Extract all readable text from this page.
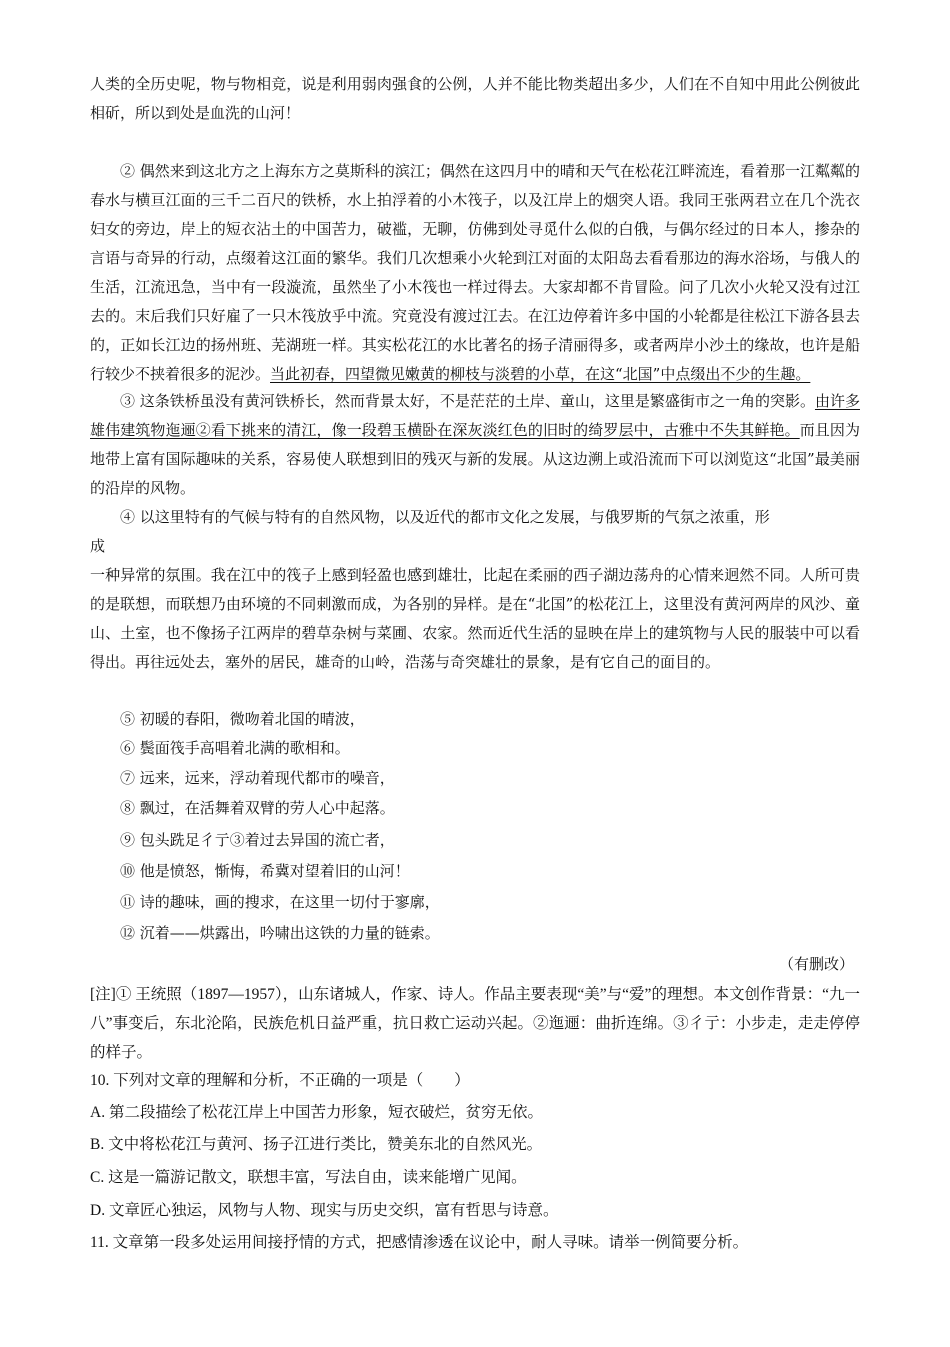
人类的全历史呢，物与物相竞，说是利用弱肉强食的公例，人并不能比物类超出多少，人们在不自知中用此公例彼此相斫，所以到处是血洗的山河！

② 偶然来到这北方之上海东方之莫斯科的滨江；偶然在这四月中的晴和天气在松花江畔流连，看着那一江粼粼的春水与横亘江面的三千二百尺的铁桥，水上拍浮着的小木筏子，以及江岸上的烟突人语。我同王张两君立在几个洗衣妇女的旁边，岸上的短衣沾土的中国苦力，破褴，无聊，仿佛到处寻觅什么似的白俄，与偶尔经过的日本人，掺杂的言语与奇异的行动，点缀着这江面的繁华。我们几次想乘小火轮到江对面的太阳岛去看看那边的海水浴场，与俄人的生活，江流迅急，当中有一段漩流，虽然坐了小木筏也一样过得去。大家却都不肯冒险。问了几次小火轮又没有过江去的。末后我们只好雇了一只木筏放乎中流。究竟没有渡过江去。在江边停着许多中国的小轮都是往松江下游各县去的，正如长江边的扬州班、芜湖班一样。其实松花江的水比著名的扬子清丽得多，或者两岸小沙土的缘故，也许是船行较少不挟着很多的泥沙。当此初春，四望微见嫩黄的柳枝与淡碧的小草，在这“北国”中点缀出不少的生趣。

③ 这条铁桥虽没有黄河铁桥长，然而背景太好，不是茫茫的土岸、童山，这里是繁盛街市之一角的突影。由许多雄伟建筑物迤逦②看下挑来的清江，像一段碧玉横卧在深灰淡红色的旧时的绮罗层中，古雅中不失其鲜艳。而且因为地带上富有国际趣味的关系，容易使人联想到旧的残灭与新的发展。从这边溯上或沿流而下可以浏览这“北国”最美丽的沿岸的风物。

④ 以这里特有的气候与特有的自然风物，以及近代的都市文化之发展，与俄罗斯的气氛之浓重，形

成

一种异常的氛围。我在江中的筏子上感到轻盈也感到雄壮，比起在柔丽的西子湖边荡舟的心情来迥然不同。人所可贵的是联想，而联想乃由环境的不同刺激而成，为各别的异样。是在“北国”的松花江上，这里没有黄河两岸的风沙、童山、土室，也不像扬子江两岸的碧草杂树与菜圃、农家。然而近代生活的显映在岸上的建筑物与人民的服装中可以看得出。再往远处去，塞外的居民，雄奇的山岭，浩荡与奇突雄壮的景象，是有它自己的面目的。

⑤ 初暖的春阳，微吻着北国的晴波，

⑥ 鬓面筏手高唱着北满的歌相和。

⑦ 远来，远来，浮动着现代都市的噪音，

⑧ 飘过，在活舞着双臂的劳人心中起落。

⑨ 包头跣足彳亍③着过去异国的流亡者，

⑩ 他是愤怒，惭悔，希冀对望着旧的山河！

⑪ 诗的趣味，画的搜求，在这里一切付于寥廓，

⑫ 沉着——烘露出，吟啸出这铁的力量的链索。

（有删改）

[注]① 王统照（1897—1957），山东诸城人，作家、诗人。作品主要表现“美”与“爱”的理想。本文创作背景：“九一八”事变后，东北沦陷，民族危机日益严重，抗日救亡运动兴起。②迤逦：曲折连绵。③彳亍：小步走，走走停停的样子。

10. 下列对文章的理解和分析，不正确的一项是（　　）

A. 第二段描绘了松花江岸上中国苦力形象，短衣破烂，贫穷无依。

B. 文中将松花江与黄河、扬子江进行类比，赞美东北的自然风光。

C. 这是一篇游记散文，联想丰富，写法自由，读来能增广见闻。

D. 文章匠心独运，风物与人物、现实与历史交织，富有哲思与诗意。

11. 文章第一段多处运用间接抒情的方式，把感情渗透在议论中，耐人寻味。请举一例简要分析。
